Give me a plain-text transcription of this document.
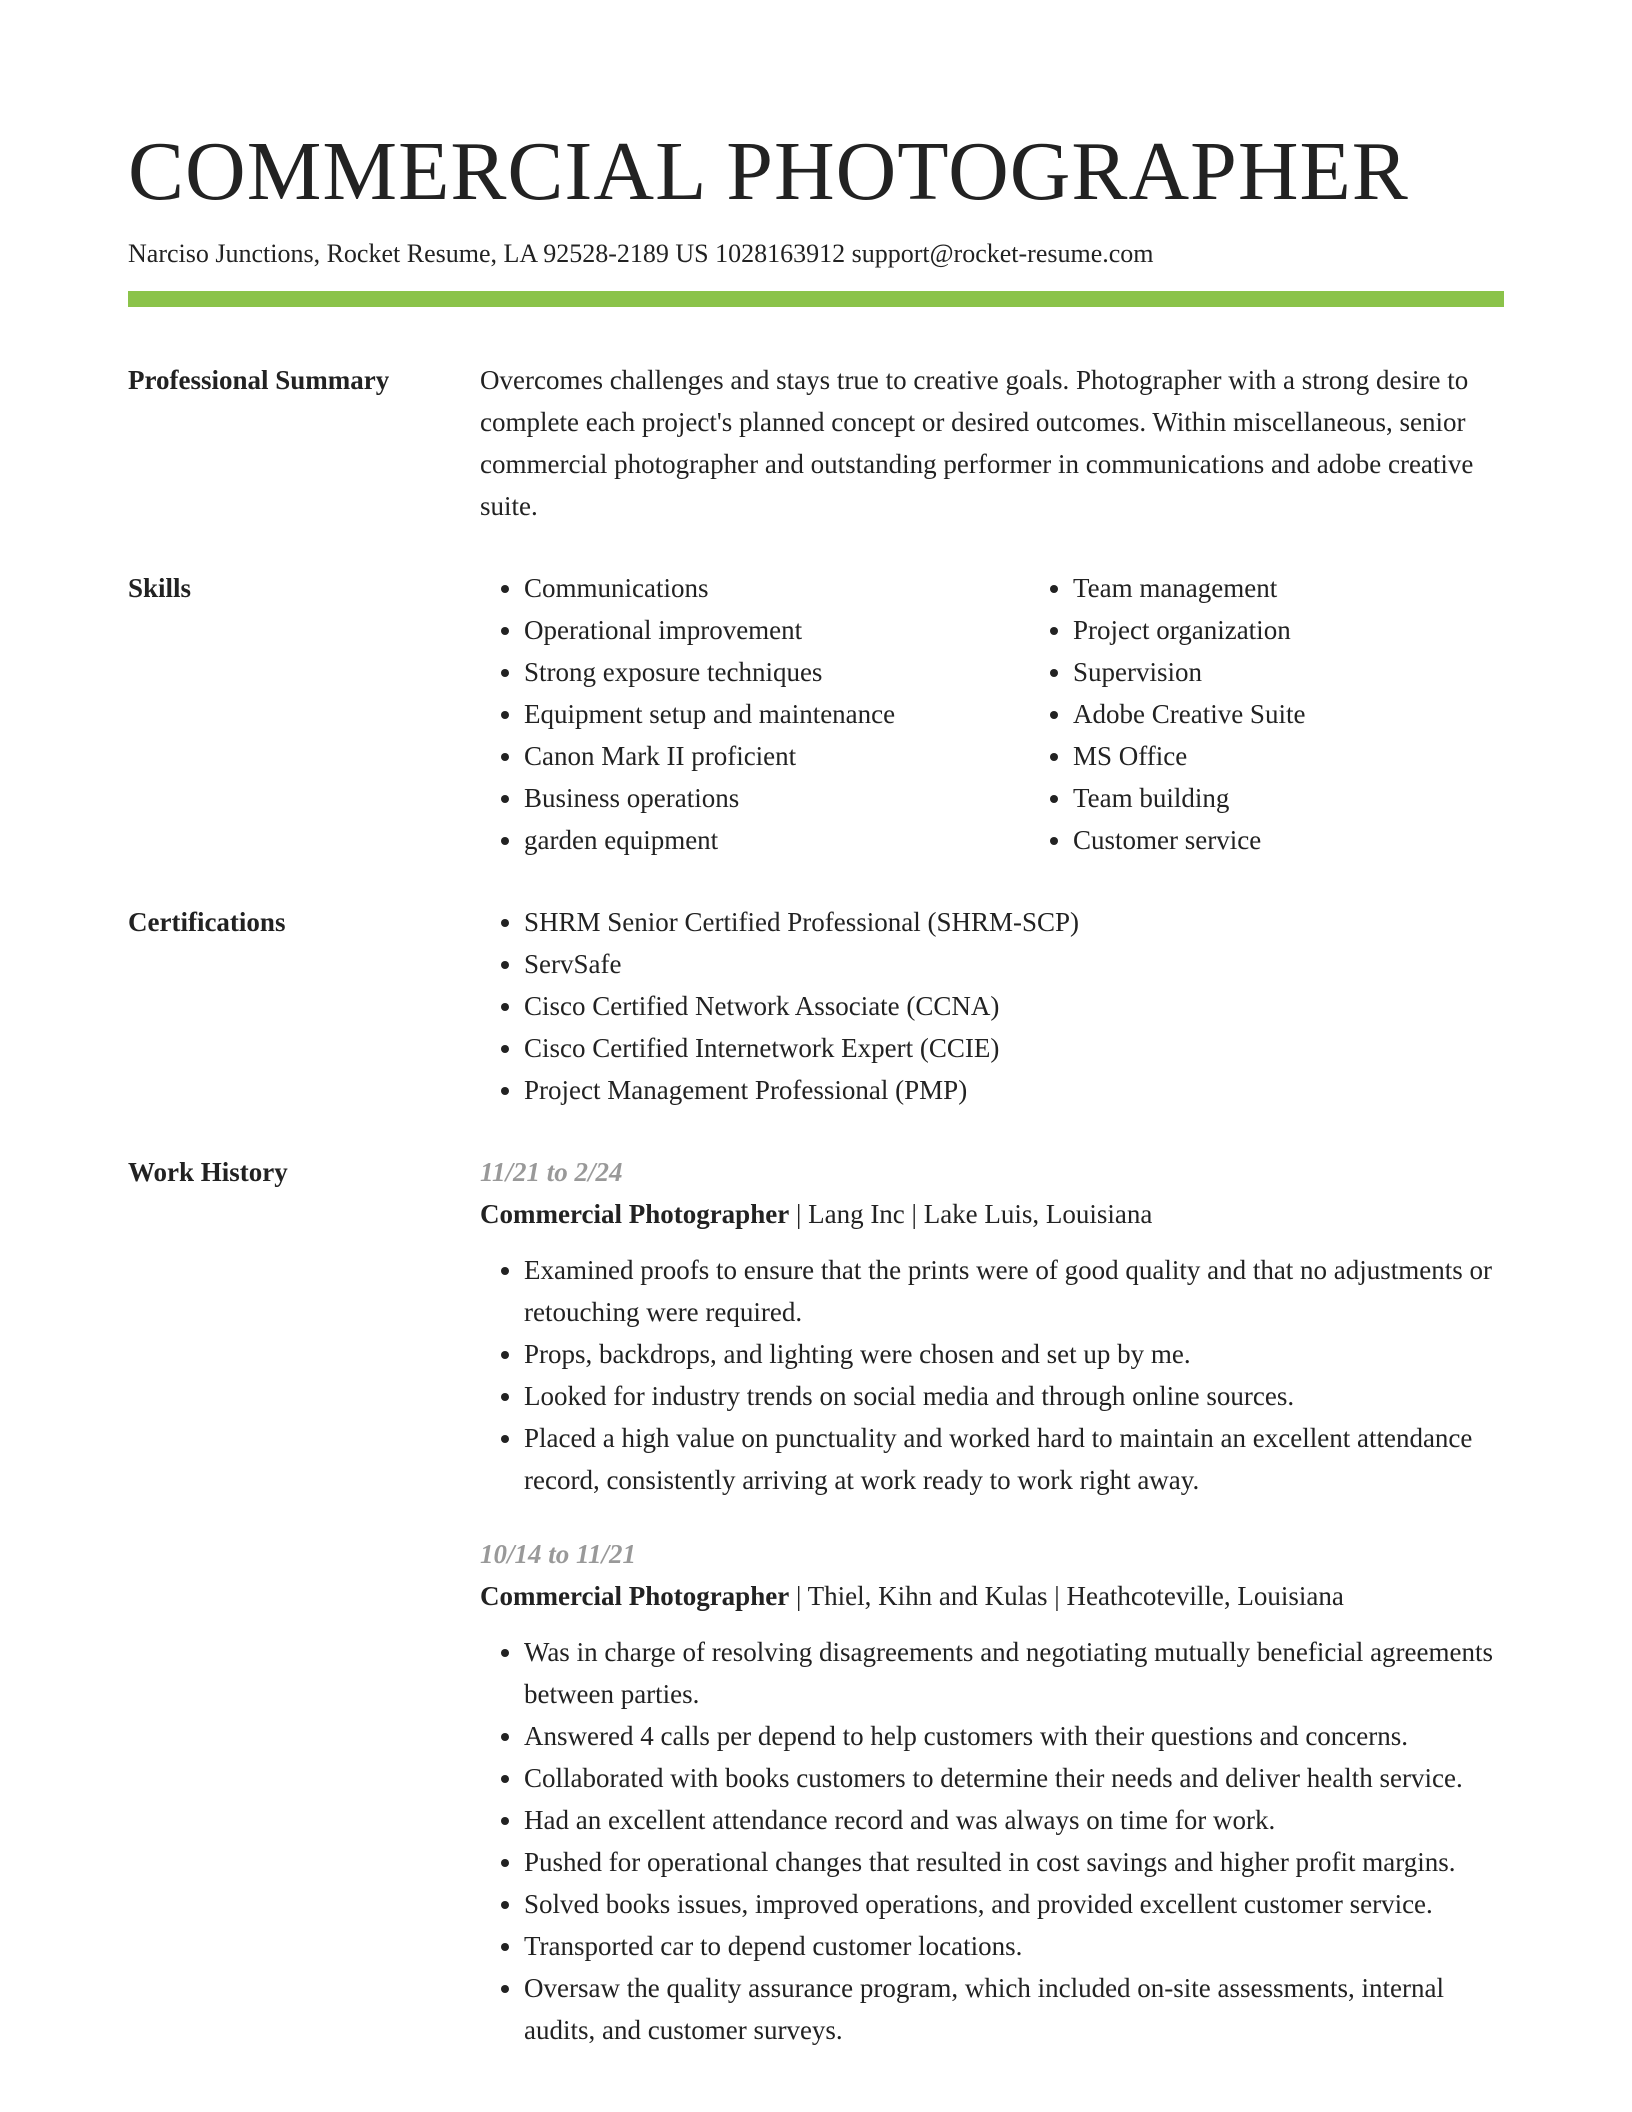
COMMERCIAL PHOTOGRAPHER
Narciso Junctions, Rocket Resume, LA 92528-2189 US 1028163912 support@rocket-resume.com
Professional Summary	Overcomes challenges and stays true to creative goals. Photographer with a strong desire to complete each project's planned concept or desired outcomes. Within miscellaneous, senior commercial photographer and outstanding performer in communications and adobe creative suite.

Skills	• Communications
• Operational improvement
• Strong exposure techniques
• Equipment setup and maintenance
• Canon Mark II proficient
• Business operations
• garden equipment
• Team management
• Project organization
• Supervision
• Adobe Creative Suite
• MS Office
• Team building
• Customer service
Certifications	• SHRM Senior Certified Professional (SHRM-SCP)
• ServSafe
• Cisco Certified Network Associate (CCNA)
• Cisco Certified Internetwork Expert (CCIE)
• Project Management Professional (PMP)
Work History	11/21 to 2/24
Commercial Photographer | Lang Inc | Lake Luis, Louisiana
• Examined proofs to ensure that the prints were of good quality and that no adjustments or retouching were required.
• Props, backdrops, and lighting were chosen and set up by me.
• Looked for industry trends on social media and through online sources.
• Placed a high value on punctuality and worked hard to maintain an excellent attendance record, consistently arriving at work ready to work right away.
10/14 to 11/21
Commercial Photographer | Thiel, Kihn and Kulas | Heathcoteville, Louisiana
• Was in charge of resolving disagreements and negotiating mutually beneficial agreements between parties.
• Answered 4 calls per depend to help customers with their questions and concerns.
• Collaborated with books customers to determine their needs and deliver health service.
• Had an excellent attendance record and was always on time for work.
• Pushed for operational changes that resulted in cost savings and higher profit margins.
• Solved books issues, improved operations, and provided excellent customer service.
• Transported car to depend customer locations.
• Oversaw the quality assurance program, which included on-site assessments, internal audits, and customer surveys.
